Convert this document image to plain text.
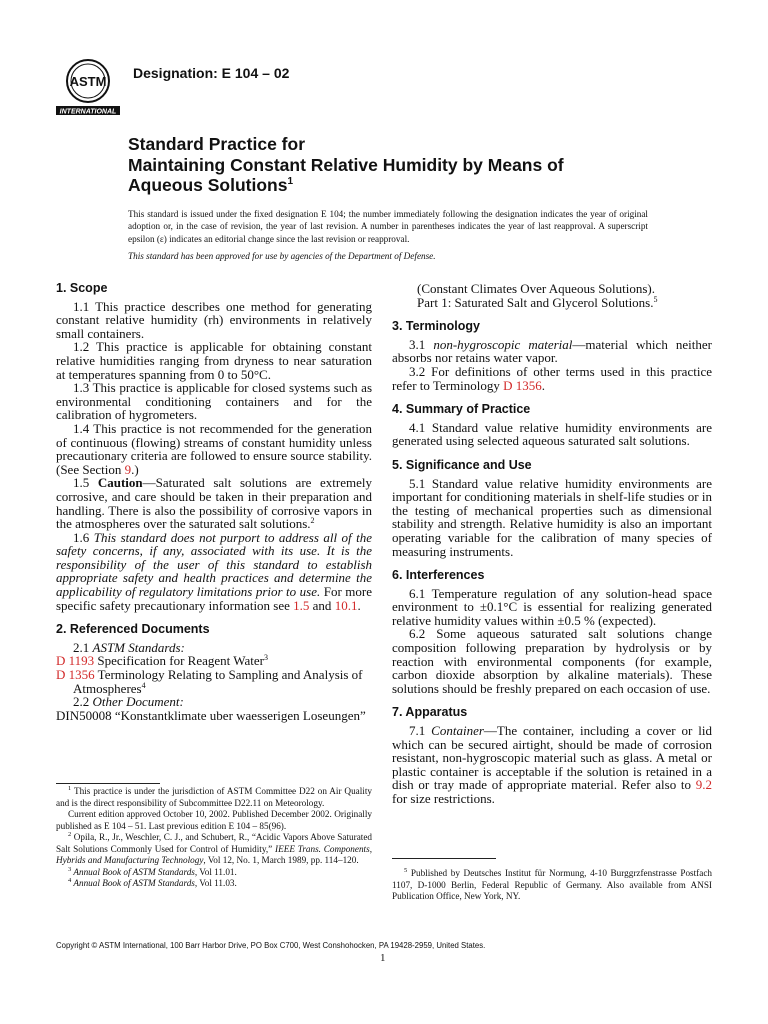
ASTM
INTERNATIONAL
Designation: E 104 – 02
Standard Practice for
Maintaining Constant Relative Humidity by Means of
Aqueous Solutions$^1$
This standard is issued under the fixed designation E 104; the number immediately following the designation indicates the year of original adoption or, in the case of revision, the year of last revision. A number in parentheses indicates the year of last reapproval. A superscript epsilon (ε) indicates an editorial change since the last revision or reapproval.
This standard has been approved for use by agencies of the Department of Defense.
1. Scope

1.1 This practice describes one method for generating constant relative humidity (rh) environments in relatively small containers.

1.2 This practice is applicable for obtaining constant relative humidities ranging from dryness to near saturation at temperatures spanning from 0 to 50°C.

1.3 This practice is applicable for closed systems such as environmental conditioning containers and for the calibration of hygrometers.

1.4 This practice is not recommended for the generation of continuous (flowing) streams of constant humidity unless precautionary criteria are followed to ensure source stability. (See Section 9.)

1.5 Caution—Saturated salt solutions are extremely corrosive, and care should be taken in their preparation and handling. There is also the possibility of corrosive vapors in the atmospheres over the saturated salt solutions.$^2$

1.6 This standard does not purport to address all of the safety concerns, if any, associated with its use. It is the responsibility of the user of this standard to establish appropriate safety and health practices and determine the applicability of regulatory limitations prior to use. For more specific safety precautionary information see 1.5 and 10.1.

2. Referenced Documents

2.1 ASTM Standards:

D 1193 Specification for Reagent Water$^3$

D 1356 Terminology Relating to Sampling and Analysis of Atmospheres$^4$

2.2 Other Document:

DIN50008 “Konstantklimate uber waesserigen Loseungen”

$^1$ This practice is under the jurisdiction of ASTM Committee D22 on Air Quality and is the direct responsibility of Subcommittee D22.11 on Meteorology.

Current edition approved October 10, 2002. Published December 2002. Originally published as E 104 – 51. Last previous edition E 104 – 85(96).

$^2$ Opila, R., Jr., Weschler, C. J., and Schubert, R., “Acidic Vapors Above Saturated Salt Solutions Commonly Used for Control of Humidity,” IEEE Trans. Components, Hybrids and Manufacturing Technology, Vol 12, No. 1, March 1989, pp. 114–120.

$^3$ Annual Book of ASTM Standards, Vol 11.01.

$^4$ Annual Book of ASTM Standards, Vol 11.03.

(Constant Climates Over Aqueous Solutions).

Part 1: Saturated Salt and Glycerol Solutions.$^5$

3. Terminology

3.1 non-hygroscopic material—material which neither absorbs nor retains water vapor.

3.2 For definitions of other terms used in this practice refer to Terminology D 1356.

4. Summary of Practice

4.1 Standard value relative humidity environments are generated using selected aqueous saturated salt solutions.

5. Significance and Use

5.1 Standard value relative humidity environments are important for conditioning materials in shelf-life studies or in the testing of mechanical properties such as dimensional stability and strength. Relative humidity is also an important operating variable for the calibration of many species of measuring instruments.

6. Interferences

6.1 Temperature regulation of any solution-head space environment to ±0.1°C is essential for realizing generated relative humidity values within ±0.5 % (expected).

6.2 Some aqueous saturated salt solutions change composition following preparation by hydrolysis or by reaction with environmental components (for example, carbon dioxide absorption by alkaline materials). These solutions should be freshly prepared on each occasion of use.

7. Apparatus

7.1 Container—The container, including a cover or lid which can be secured airtight, should be made of corrosion resistant, non-hygroscopic material such as glass. A metal or plastic container is acceptable if the solution is retained in a dish or tray made of appropriate material. Refer also to 9.2 for size restrictions.

$^5$ Published by Deutsches Institut für Normung, 4-10 Burggrzfenstrasse Postfach 1107, D-1000 Berlin, Federal Republic of Germany. Also available from ANSI Publication Office, New York, NY.

Copyright © ASTM International, 100 Barr Harbor Drive, PO Box C700, West Conshohocken, PA 19428-2959, United States.
1
